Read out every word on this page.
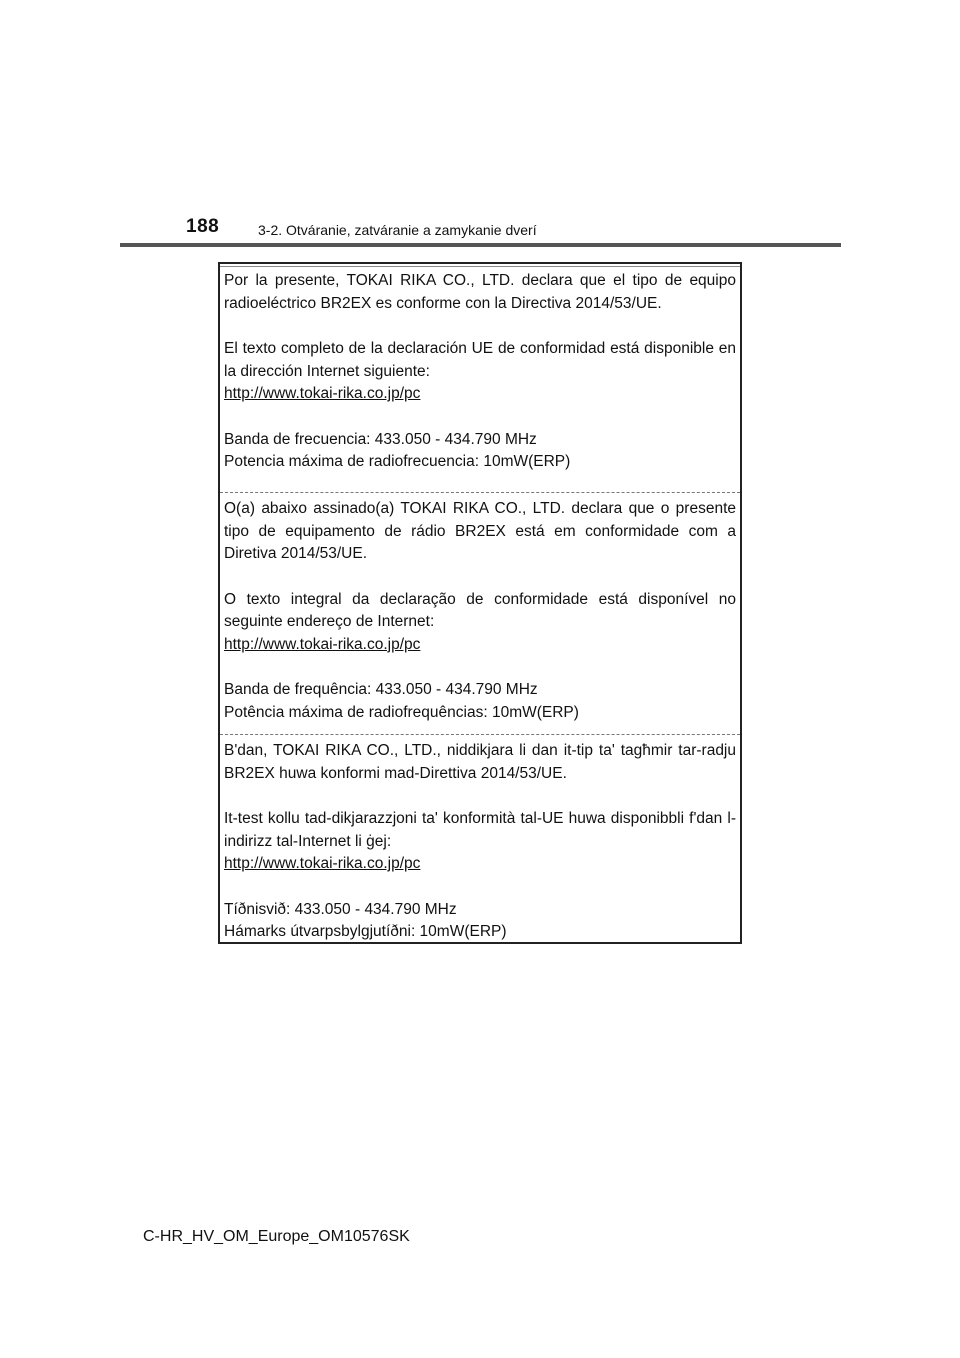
188	3-2. Otváranie, zatváranie a zamykanie dverí

Por la presente, TOKAI RIKA CO., LTD. declara que el tipo de equipo radioeléctrico BR2EX es conforme con la Directiva 2014/53/UE.

El texto completo de la declaración UE de conformidad está disponible en la dirección Internet siguiente:

http://www.tokai-rika.co.jp/pc

Banda de frecuencia: 433.050 - 434.790 MHz

Potencia máxima de radiofrecuencia: 10mW(ERP)

O(a) abaixo assinado(a) TOKAI RIKA CO., LTD. declara que o presente tipo de equipamento de rádio BR2EX está em conformidade com a Diretiva 2014/53/UE.

O texto integral da declaração de conformidade está disponível no seguinte endereço de Internet:

http://www.tokai-rika.co.jp/pc

Banda de frequência: 433.050 - 434.790 MHz

Potência máxima de radiofrequências: 10mW(ERP)

B'dan, TOKAI RIKA CO., LTD., niddikjara li dan it-tip ta' tagħmir tar-radju BR2EX huwa konformi mad-Direttiva 2014/53/UE.

It-test kollu tad-dikjarazzjoni ta' konformità tal-UE huwa disponibbli f'dan l-indirizz tal-Internet li ġej:

http://www.tokai-rika.co.jp/pc

Tíðnisvið: 433.050 - 434.790 MHz

Hámarks útvarpsbylgjutíðni: 10mW(ERP)

C-HR_HV_OM_Europe_OM10576SK
